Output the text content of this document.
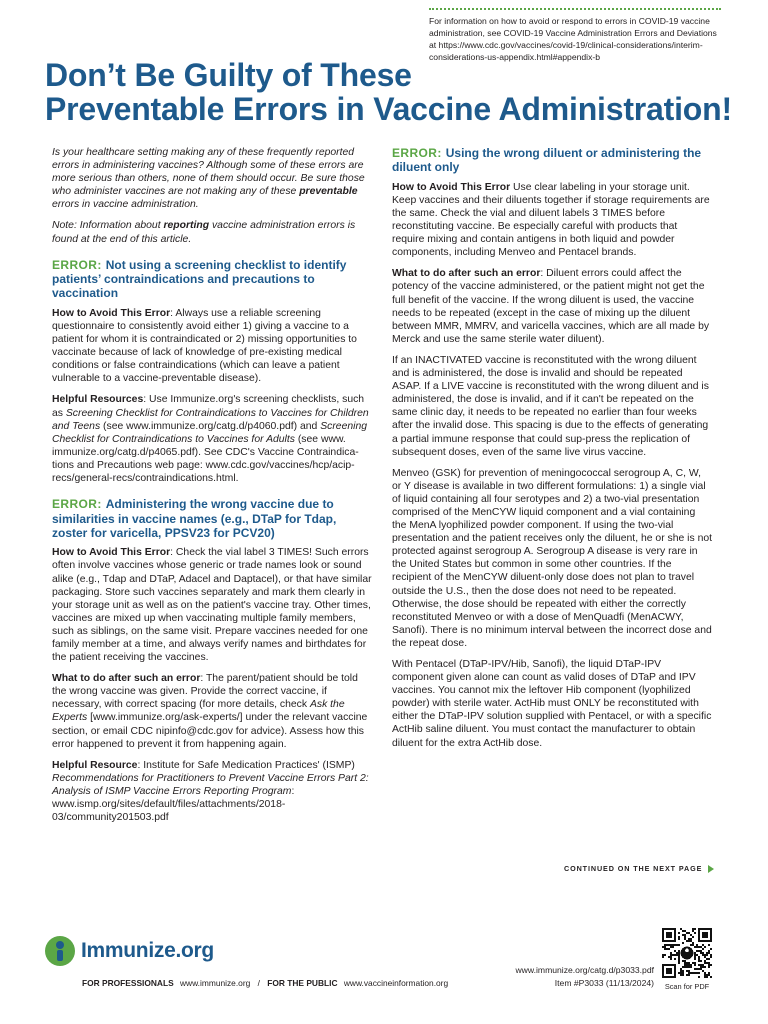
For information on how to avoid or respond to errors in COVID-19 vaccine administration, see COVID-19 Vaccine Administration Errors and Deviations at https://www.cdc.gov/vaccines/covid-19/clinical-considerations/interim-considerations-us-appendix.html#appendix-b
Don’t Be Guilty of These
Preventable Errors in Vaccine Administration!

Is your healthcare setting making any of these frequently reported errors in administering vaccines? Although some of these errors are more serious than others, none of them should occur. Be sure those who administer vaccines are not making any of these preventable errors in vaccine administration.

Note: Information about reporting vaccine administration errors is found at the end of this article.

ERROR: Not using a screening checklist to identify patients’ contraindications and precautions to vaccination

How to Avoid This Error: Always use a reliable screening questionnaire to consistently avoid either 1) giving a vaccine to a patient for whom it is contraindicated or 2) missing opportunities to vaccinate because of lack of knowledge of pre-existing medical conditions or false contraindications (which can leave a patient vulnerable to a vaccine-preventable disease).

Helpful Resources: Use Immunize.org's screening checklists, such as Screening Checklist for Contraindications to Vaccines for Children and Teens (see www.immunize.org/catg.d/p4060.pdf) and Screening Checklist for Contraindications to Vaccines for Adults (see www. immunize.org/catg.d/p4065.pdf). See CDC's Vaccine Contraindica-tions and Precautions web page: www.cdc.gov/vaccines/hcp/acip-recs/general-recs/contraindications.html.

ERROR: Administering the wrong vaccine due to similarities in vaccine names (e.g., DTaP for Tdap, zoster for varicella, PPSV23 for PCV20)

How to Avoid This Error: Check the vial label 3 TIMES! Such errors often involve vaccines whose generic or trade names look or sound alike (e.g., Tdap and DTaP, Adacel and Daptacel), or that have similar packaging. Store such vaccines separately and mark them clearly in your storage unit as well as on the patient's vaccine tray. Other times, vaccines are mixed up when vaccinating multiple family members, such as siblings, on the same visit. Prepare vaccines needed for one family member at a time, and always verify names and birthdates for the patient receiving the vaccines.

What to do after such an error: The parent/patient should be told the wrong vaccine was given. Provide the correct vaccine, if necessary, with correct spacing (for more details, check Ask the Experts [www.immunize.org/ask-experts/] under the relevant vaccine section, or email CDC nipinfo@cdc.gov for advice). Assess how this error happened to prevent it from happening again.

Helpful Resource: Institute for Safe Medication Practices' (ISMP) Recommendations for Practitioners to Prevent Vaccine Errors Part 2: Analysis of ISMP Vaccine Errors Reporting Program: www.ismp.org/sites/default/files/attachments/2018-03/community201503.pdf

ERROR: Using the wrong diluent or administering the diluent only

How to Avoid This Error Use clear labeling in your storage unit. Keep vaccines and their diluents together if storage requirements are the same. Check the vial and diluent labels 3 TIMES before reconstituting vaccine. Be especially careful with products that require mixing and contain antigens in both liquid and powder components, including Menveo and Pentacel brands.

What to do after such an error: Diluent errors could affect the potency of the vaccine administered, or the patient might not get the full benefit of the vaccine. If the wrong diluent is used, the vaccine needs to be repeated (except in the case of mixing up the diluent between MMR, MMRV, and varicella vaccines, which are all made by Merck and use the same sterile water diluent).

If an INACTIVATED vaccine is reconstituted with the wrong diluent and is administered, the dose is invalid and should be repeated ASAP. If a LIVE vaccine is reconstituted with the wrong diluent and is administered, the dose is invalid, and if it can't be repeated on the same clinic day, it needs to be repeated no earlier than four weeks after the invalid dose. This spacing is due to the effects of generating a partial immune response that could sup-press the replication of subsequent doses, even of the same live virus vaccine.

Menveo (GSK) for prevention of meningococcal serogroup A, C, W, or Y disease is available in two different formulations: 1) a single vial of liquid containing all four serotypes and 2) a two-vial presentation comprised of the MenCYW liquid component and a vial containing the MenA lyophilized powder component. If using the two-vial presentation and the patient receives only the diluent, he or she is not protected against serogroup A. Serogroup A disease is very rare in the United States but common in some other countries. If the recipient of the MenCYW diluent-only dose does not plan to travel outside the U.S., then the dose does not need to be repeated. Otherwise, the dose should be repeated with either the correctly reconstituted Menveo or with a dose of MenQuadfi (MenACWY, Sanofi). There is no minimum interval between the incorrect dose and the repeat dose.

With Pentacel (DTaP-IPV/Hib, Sanofi), the liquid DTaP-IPV component given alone can count as valid doses of DTaP and IPV vaccines. You cannot mix the leftover Hib component (lyophilized powder) with sterile water. ActHib must ONLY be reconstituted with either the DTaP-IPV solution supplied with Pentacel, or with a specific ActHib saline diluent. You must contact the manufacturer to obtain diluent for the extra ActHib dose.

CONTINUED ON THE NEXT PAGE
Immunize.org
FOR PROFESSIONALS www.immunize.org / FOR THE PUBLIC www.vaccineinformation.org
www.immunize.org/catg.d/p3033.pdf
Item #P3033 (11/13/2024)	Scan for PDF
